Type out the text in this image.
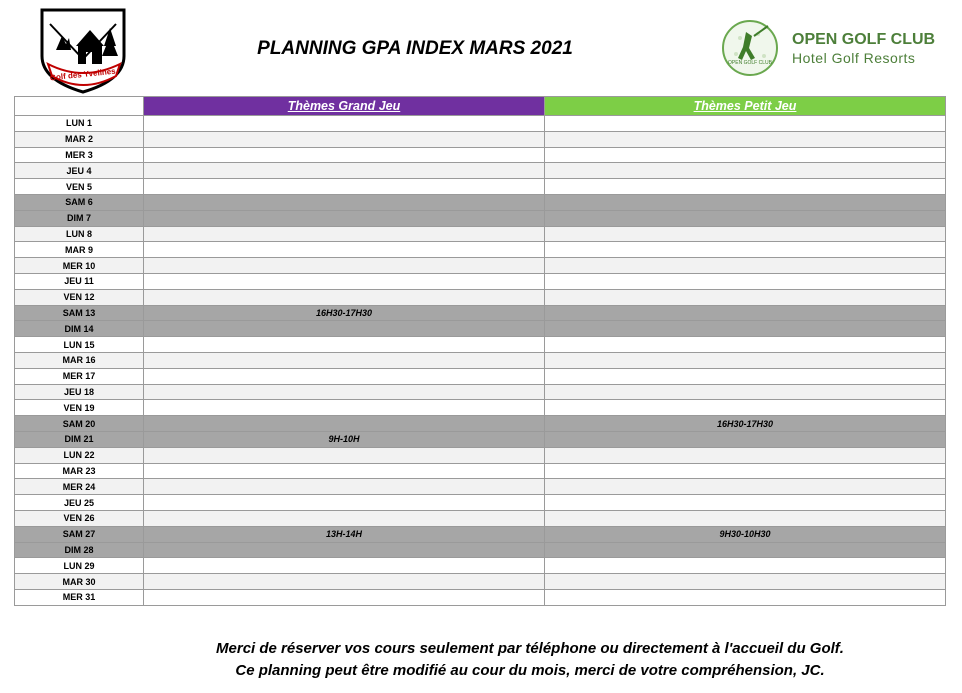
Golf des Yvelines
PLANNING GPA INDEX MARS 2021
OPEN GOLF CLUB
OPEN GOLF CLUB
Hotel Golf Resorts
	Thèmes Grand Jeu	Thèmes Petit Jeu
LUN 1		
MAR 2		
MER 3		
JEU 4		
VEN 5		
SAM 6		
DIM 7		
LUN 8		
MAR 9		
MER 10		
JEU 11		
VEN 12		
SAM 13	16H30-17H30	
DIM 14		
LUN 15		
MAR 16		
MER 17		
JEU 18		
VEN 19		
SAM 20		16H30-17H30
DIM 21	9H-10H	
LUN 22		
MAR 23		
MER 24		
JEU 25		
VEN 26		
SAM 27	13H-14H	9H30-10H30
DIM 28		
LUN 29		
MAR 30		
MER 31		
Merci de réserver vos cours seulement par téléphone ou directement à l'accueil du Golf.
Ce planning peut être modifié au cour du mois, merci de votre compréhension, JC.
